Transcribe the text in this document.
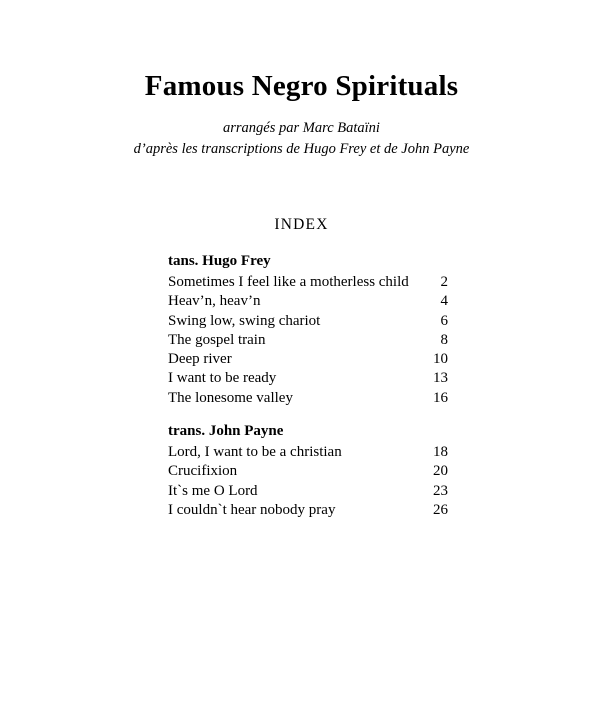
Famous Negro Spirituals
arrangés par Marc Bataïni
d’après les transcriptions de Hugo Frey et de John Payne
INDEX
tans. Hugo Frey
Sometimes I feel like a motherless child	2
Heav’n, heav’n	4
Swing low, swing chariot	6
The gospel train	8
Deep river	10
I want to be ready	13
The lonesome valley	16
trans. John Payne
Lord, I want to be a christian	18
Crucifixion	20
It`s me O Lord	23
I couldn`t hear nobody pray	26
